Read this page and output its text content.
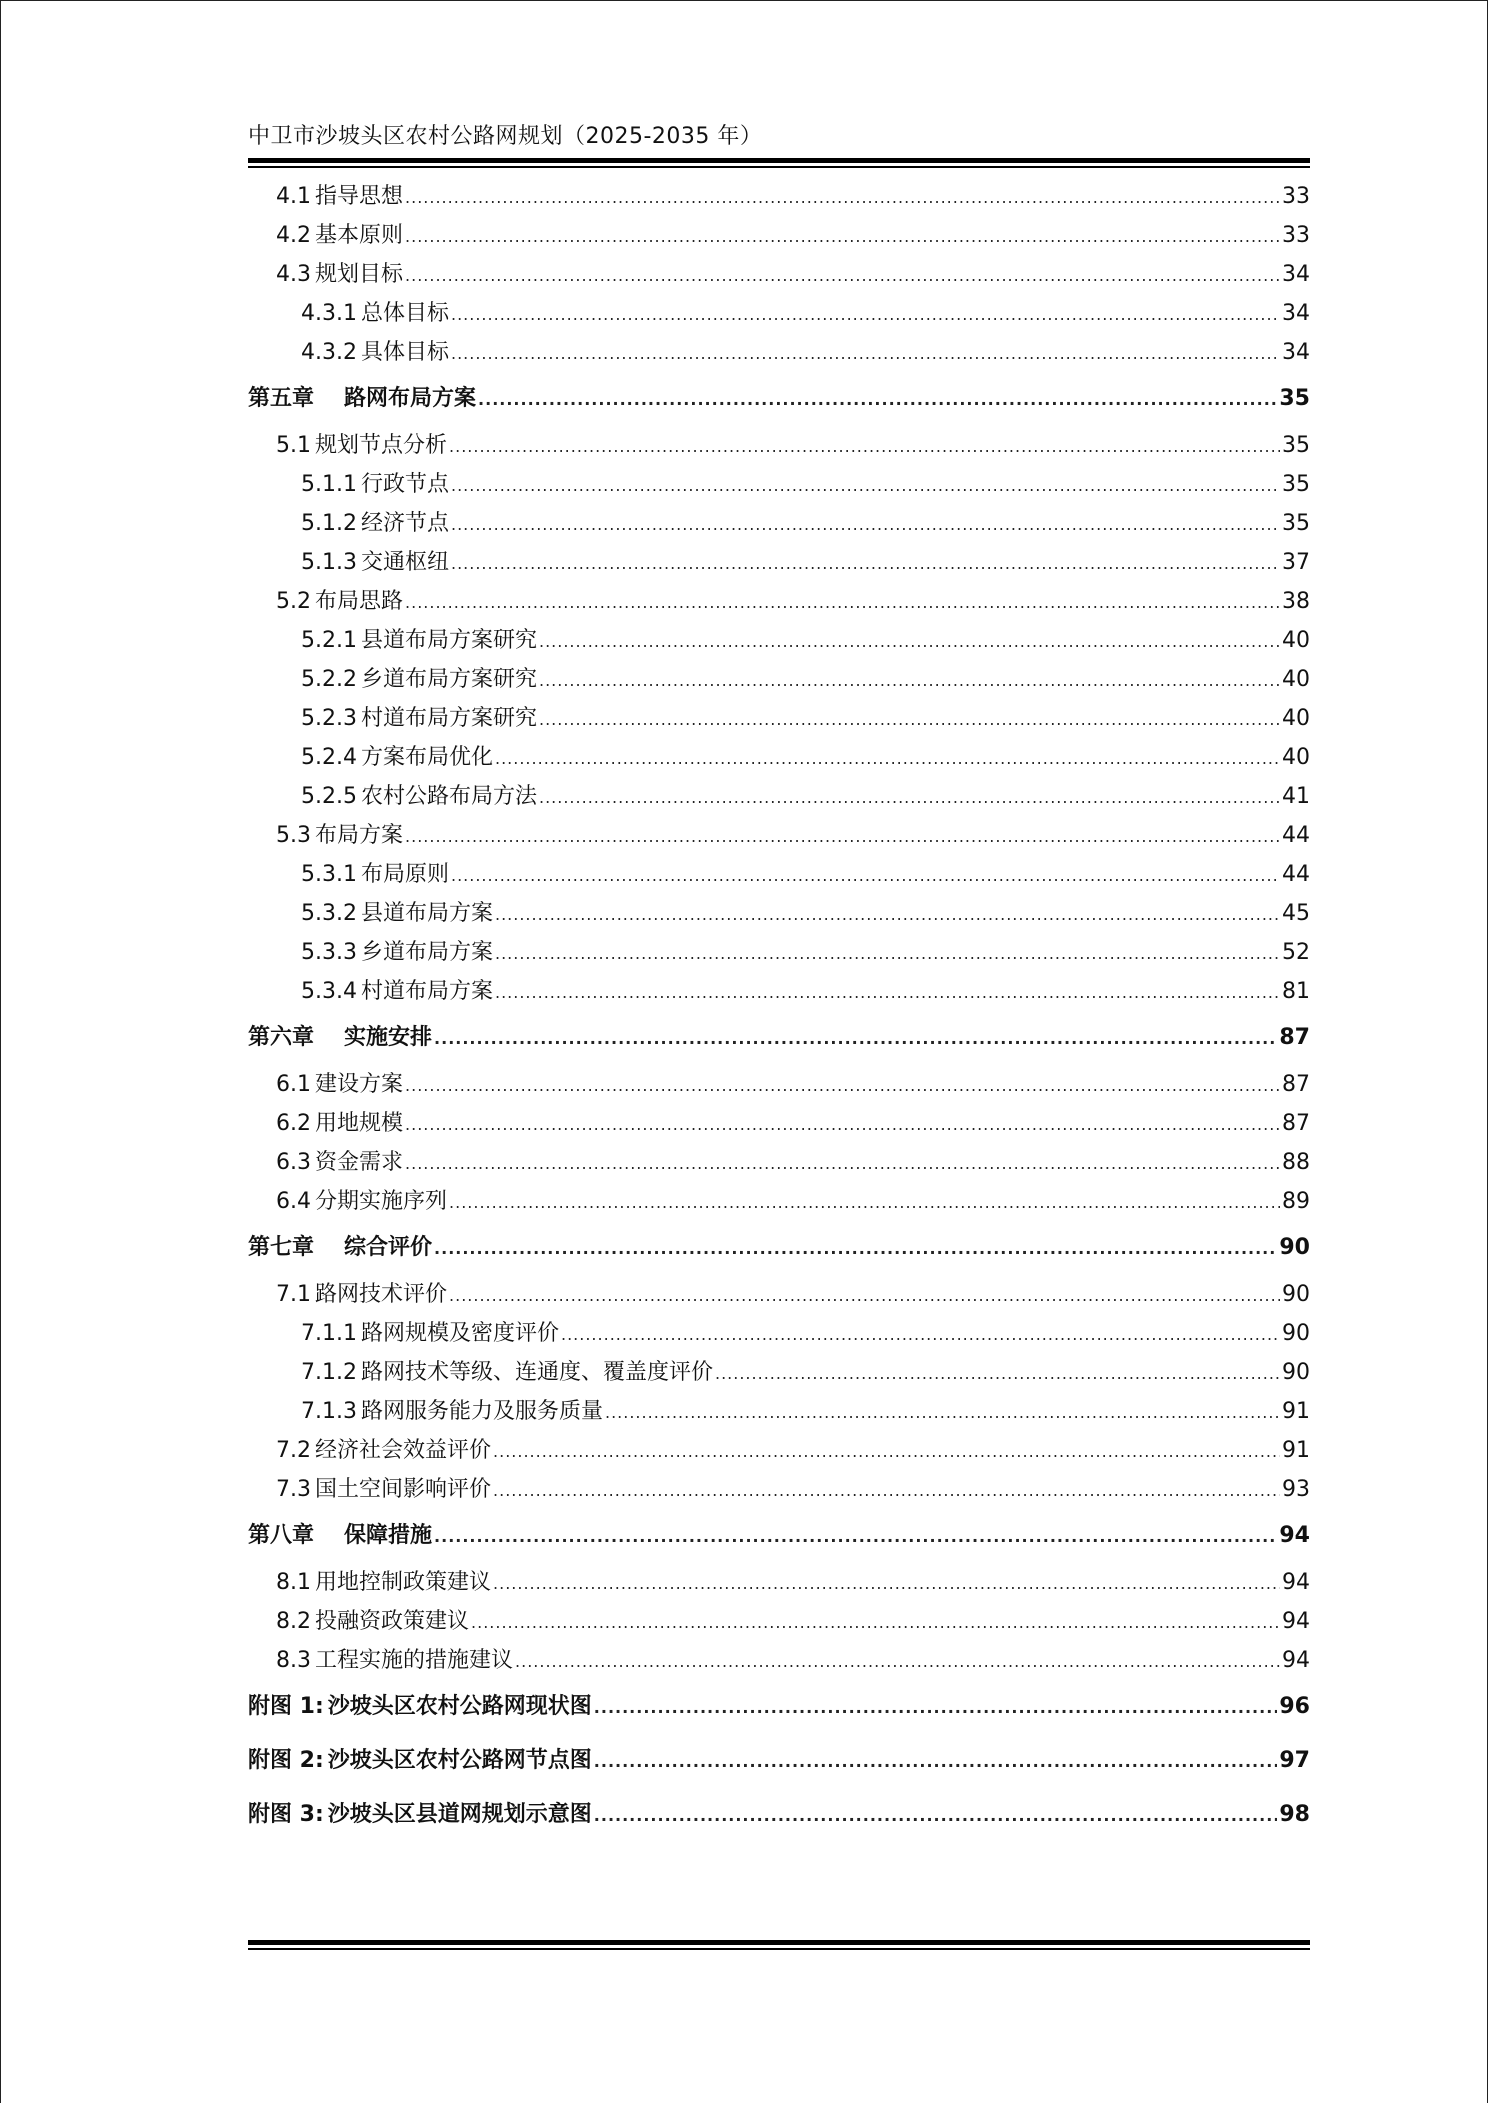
中卫市沙坡头区农村公路网规划（2025-2035 年）
4.1 指导思想 .....	33
4.2 基本原则 .....	33
4.3 规划目标 .....	34
4.3.1 总体目标 .....	34
4.3.2 具体目标 .....	34
第五章 路网布局方案 .....	35
5.1 规划节点分析 .....	35
5.1.1 行政节点 .....	35
5.1.2 经济节点 .....	35
5.1.3 交通枢纽 .....	37
5.2 布局思路 .....	38
5.2.1 县道布局方案研究 .....	40
5.2.2 乡道布局方案研究 .....	40
5.2.3 村道布局方案研究 .....	40
5.2.4 方案布局优化 .....	40
5.2.5 农村公路布局方法 .....	41
5.3 布局方案 .....	44
5.3.1 布局原则 .....	44
5.3.2 县道布局方案 .....	45
5.3.3 乡道布局方案 .....	52
5.3.4 村道布局方案 .....	81
第六章 实施安排 .....	87
6.1 建设方案 .....	87
6.2 用地规模 .....	87
6.3 资金需求 .....	88
6.4 分期实施序列 .....	89
第七章 综合评价 .....	90
7.1 路网技术评价 .....	90
7.1.1 路网规模及密度评价 .....	90
7.1.2 路网技术等级、连通度、覆盖度评价 .....	90
7.1.3 路网服务能力及服务质量 .....	91
7.2 经济社会效益评价 .....	91
7.3 国土空间影响评价 .....	93
第八章 保障措施 .....	94
8.1 用地控制政策建议 .....	94
8.2 投融资政策建议 .....	94
8.3 工程实施的措施建议 .....	94
附图 1: 沙坡头区农村公路网现状图 .....	96
附图 2: 沙坡头区农村公路网节点图 .....	97
附图 3: 沙坡头区县道网规划示意图 .....	98
